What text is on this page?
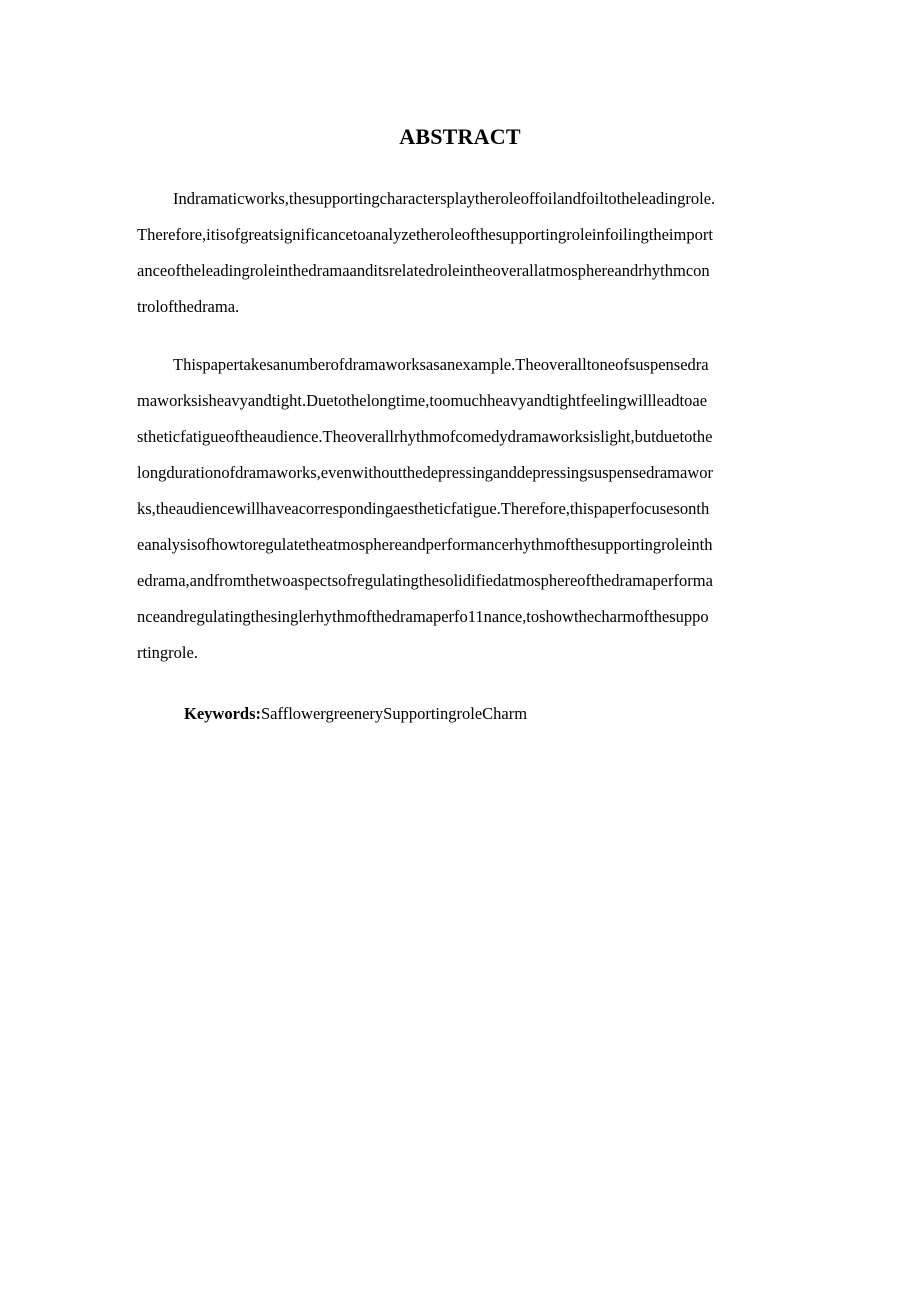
ABSTRACT
Indramaticworks,thesupportingcharactersplaytheroleoffoilandfoiltotheleadingrole.
Therefore,itisofgreatsignificancetoanalyzetheroleofthesupportingroleinfoilingtheimport
anceoftheleadingroleinthedramaanditsrelatedroleintheoverallatmosphereandrhythmcon
trolofthedrama.
Thispapertakesanumberofdramaworksasanexample.Theoveralltoneofsuspensedra
maworksisheavyandtight.Duetothelongtime,toomuchheavyandtightfeelingwillleadtoae
stheticfatigueoftheaudience.Theoverallrhythmofcomedydramaworksislight,butduetothe
longdurationofdramaworks,evenwithoutthedepressinganddepressingsuspensedramawor
ks,theaudiencewillhaveacorrespondingaestheticfatigue.Therefore,thispaperfocusesonth
eanalysisofhowtoregulatetheatmosphereandperformancerhythmofthesupportingroleinth
edrama,andfromthetwoaspectsofregulatingthesolidifiedatmosphereofthedramaperforma
nceandregulatingthesinglerhythmofthedramaperfo11nance,toshowthecharmofthesuppo
rtingrole.
Keywords:SafflowergreenerySupportingroleCharm
